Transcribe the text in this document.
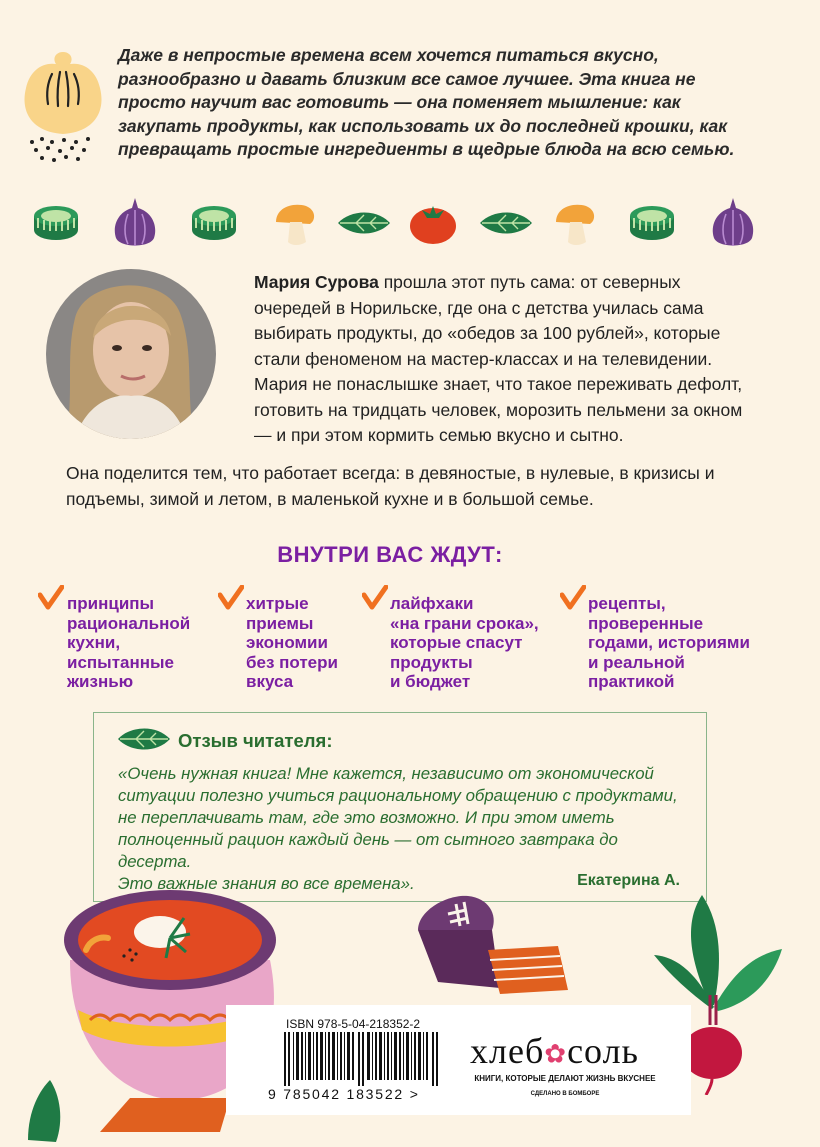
Даже в непростые времена всем хочется питаться вкусно, разнообразно и давать близким все самое лучшее. Эта книга не просто научит вас готовить — она поменяет мышление: как закупать продукты, как использовать их до последней крошки, как превращать простые ингредиенты в щедрые блюда на всю семью.

Мария Сурова прошла этот путь сама: от северных очередей в Норильске, где она с детства училась сама выбирать продукты, до «обедов за 100 рублей», которые стали феноменом на мастер-классах и на телевидении. Мария не понаслышке знает, что такое переживать дефолт, готовить на тридцать человек, морозить пельмени за окном — и при этом кормить семью вкусно и сытно.

Она поделится тем, что работает всегда: в девяностые, в нулевые, в кризисы и подъемы, зимой и летом, в маленькой кухне и в большой семье.

ВНУТРИ ВАС ЖДУТ:

принципы
рациональной
кухни,
испытанные
жизнью

хитрые
приемы
экономии
без потери
вкуса

лайфхаки
«на грани срока»,
которые спасут
продукты
и бюджет

рецепты,
проверенные
годами, историями
и реальной
практикой

Отзыв читателя:

«Очень нужная книга! Мне кажется, независимо от экономической
ситуации полезно учиться рациональному обращению с продуктами,
не переплачивать там, где это возможно. И при этом иметь
полноценный рацион каждый день — от сытного завтрака до десерта.
Это важные знания во все времена».	Екатерина А.

ISBN 978-5-04-218352-2

9 785042 183522 >

хлеб✿соль

КНИГИ, КОТОРЫЕ ДЕЛАЮТ ЖИЗНЬ ВКУСНЕЕ

СДЕЛАНО В БОМБОРЕ
